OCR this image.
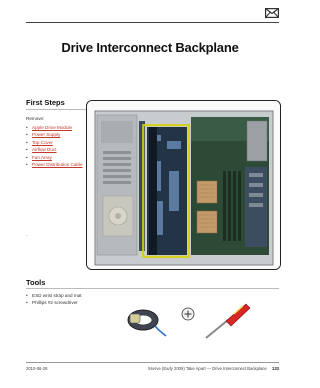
Drive Interconnect Backplane
First Steps
Remove:
• Apple Drive Module
• Power Supply
• Top Cover
• Airflow Duct
• Fan Array
• Power Distribution Cable
-
Tools
• ESD wrist strap and mat
• Phillips #2 screwdriver
2010-06-28	Xserve (Early 2009) Take Apart — Drive Interconnect Backplane 133
